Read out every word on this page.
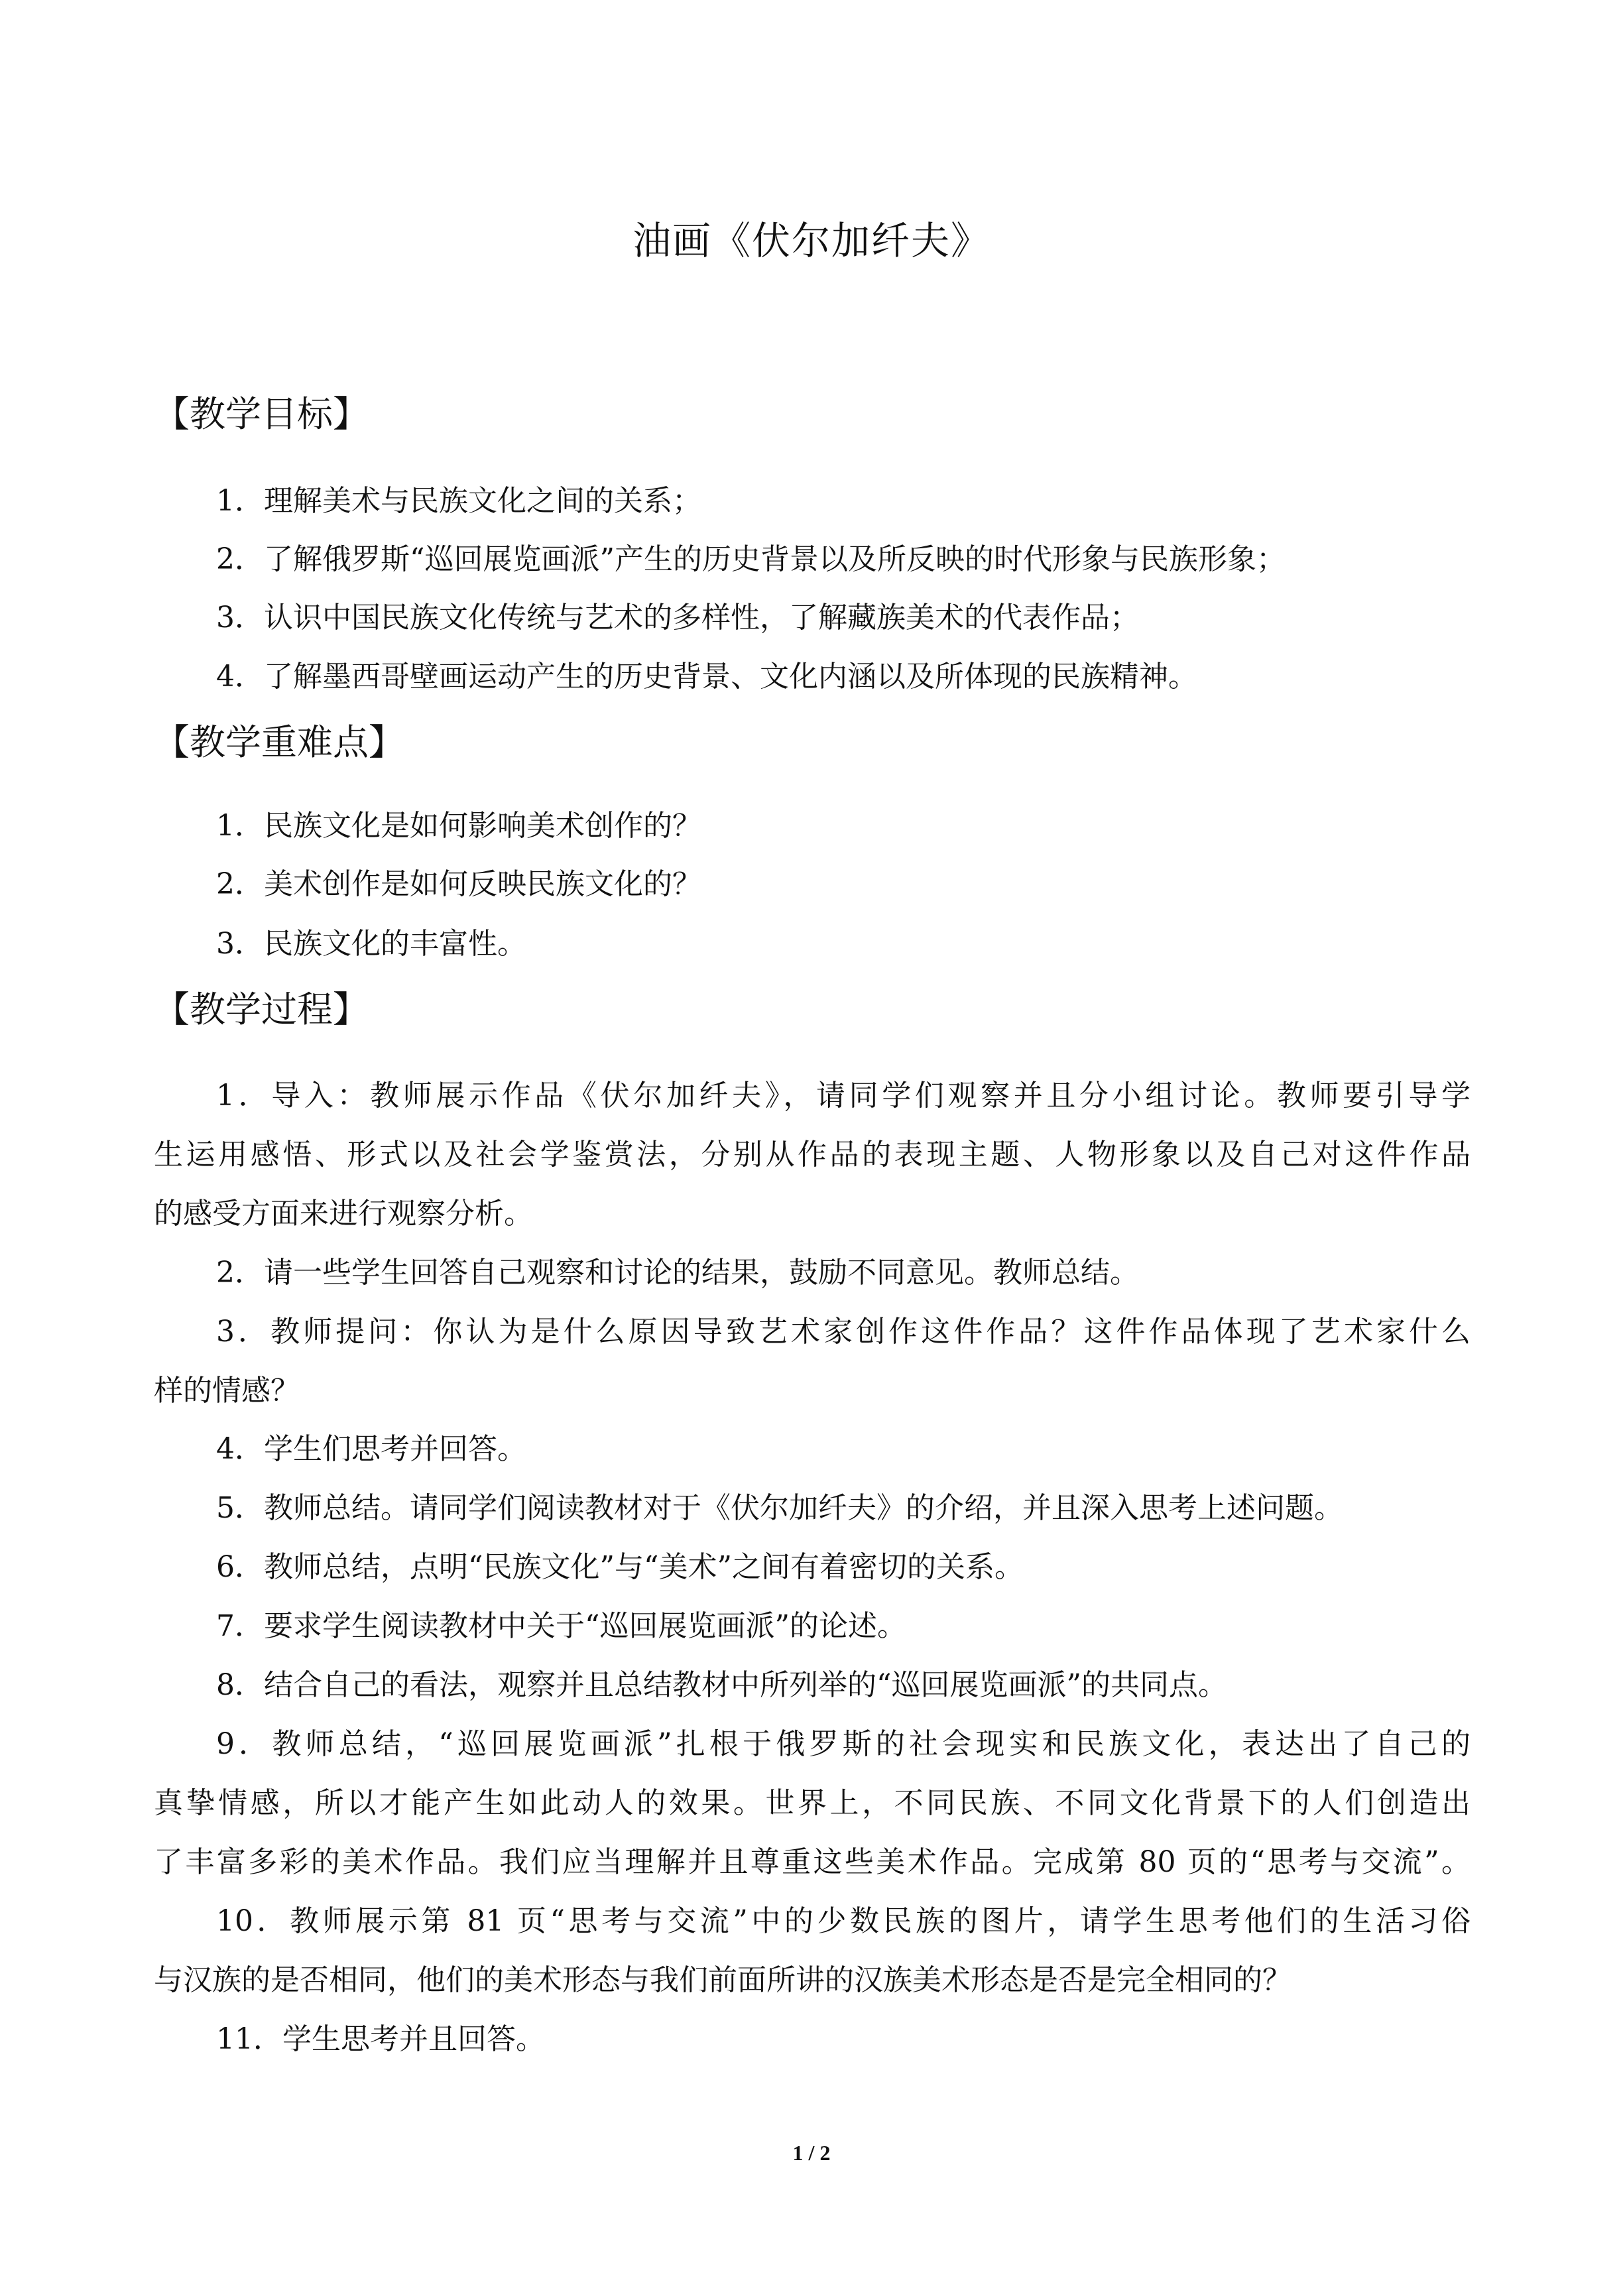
油画《伏尔加纤夫》
【教学目标】

1．理解美术与民族文化之间的关系；

2．了解俄罗斯“巡回展览画派”产生的历史背景以及所反映的时代形象与民族形象；

3．认识中国民族文化传统与艺术的多样性，了解藏族美术的代表作品；

4．了解墨西哥壁画运动产生的历史背景、文化内涵以及所体现的民族精神。

【教学重难点】

1．民族文化是如何影响美术创作的？

2．美术创作是如何反映民族文化的？

3．民族文化的丰富性。

【教学过程】

1．导入：教师展示作品《伏尔加纤夫》，请同学们观察并且分小组讨论。教师要引导学

生运用感悟、形式以及社会学鉴赏法，分别从作品的表现主题、人物形象以及自己对这件作品

的感受方面来进行观察分析。

2．请一些学生回答自己观察和讨论的结果，鼓励不同意见。教师总结。

3．教师提问：你认为是什么原因导致艺术家创作这件作品？这件作品体现了艺术家什么

样的情感？

4．学生们思考并回答。

5．教师总结。请同学们阅读教材对于《伏尔加纤夫》的介绍，并且深入思考上述问题。

6．教师总结，点明“民族文化”与“美术”之间有着密切的关系。

7．要求学生阅读教材中关于“巡回展览画派”的论述。

8．结合自己的看法，观察并且总结教材中所列举的“巡回展览画派”的共同点。

9．教师总结，“巡回展览画派”扎根于俄罗斯的社会现实和民族文化，表达出了自己的

真挚情感，所以才能产生如此动人的效果。世界上，不同民族、不同文化背景下的人们创造出

了丰富多彩的美术作品。我们应当理解并且尊重这些美术作品。完成第 80 页的“思考与交流”。

10．教师展示第 81 页“思考与交流”中的少数民族的图片，请学生思考他们的生活习俗

与汉族的是否相同，他们的美术形态与我们前面所讲的汉族美术形态是否是完全相同的？

11．学生思考并且回答。

1 / 2
